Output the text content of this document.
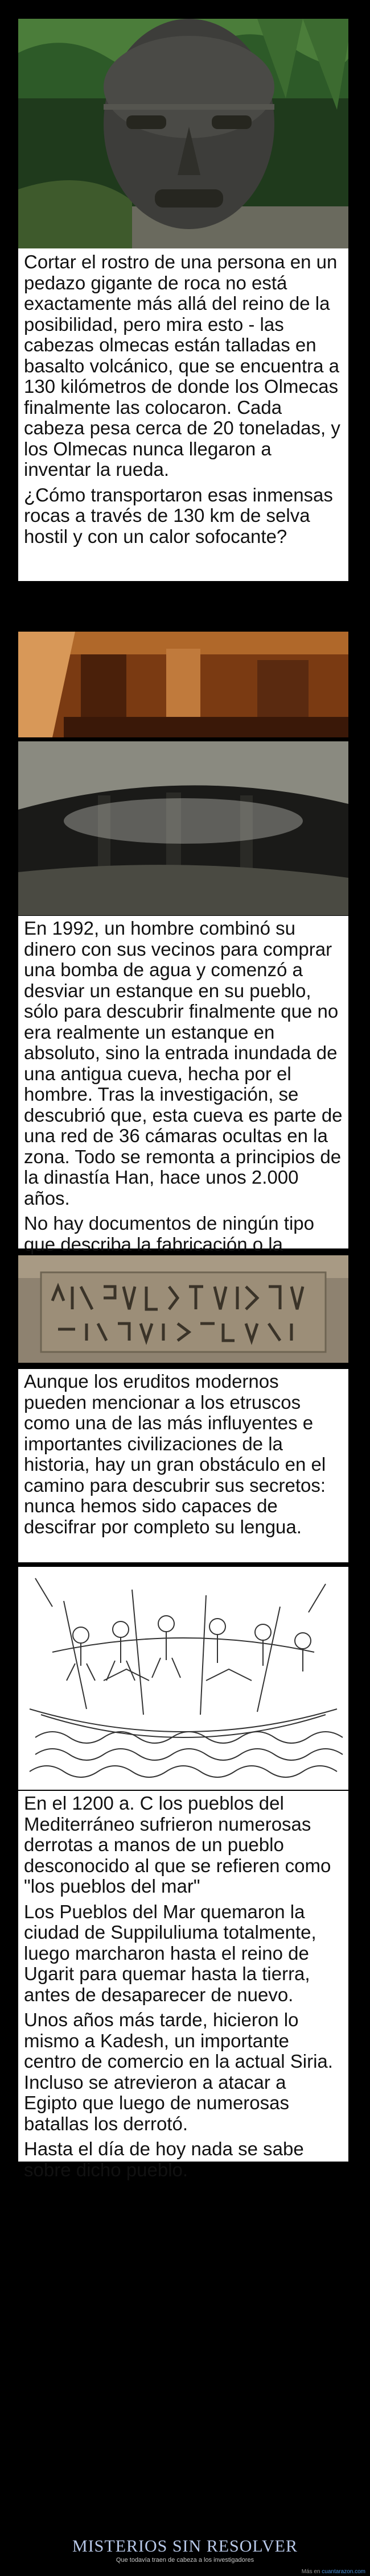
Cortar el rostro de una persona en un pedazo gigante de roca no está exactamente más allá del reino de la posibilidad, pero mira esto - las cabezas olmecas están talladas en basalto volcánico, que se encuentra a 130 kilómetros de donde los Olmecas finalmente las colocaron. Cada cabeza pesa cerca de 20 toneladas, y los Olmecas nunca llegaron a inventar la rueda.

¿Cómo transportaron esas inmensas rocas a través de 130 km de selva hostil y con un calor sofocante?

En 1992, un hombre combinó su dinero con sus vecinos para comprar una bomba de agua y comenzó a desviar un estanque en su pueblo, sólo para descubrir finalmente que no era realmente un estanque en absoluto, sino la entrada inundada de una antigua cueva, hecha por el hombre. Tras la investigación, se descubrió que, esta cueva es parte de una red de 36 cámaras ocultas en la zona. Todo se remonta a principios de la dinastía Han, hace unos 2.000 años.

No hay documentos de ningún tipo que describa la fabricación o la

Aunque los eruditos modernos pueden mencionar a los etruscos como una de las más influyentes e importantes civilizaciones de la historia, hay un gran obstáculo en el camino para descubrir sus secretos: nunca hemos sido capaces de descifrar por completo su lengua.

En el 1200 a. C los pueblos del Mediterráneo sufrieron numerosas derrotas a manos de un pueblo desconocido al que se refieren como "los pueblos del mar"

Los Pueblos del Mar quemaron la ciudad de Suppiluliuma totalmente, luego marcharon hasta el reino de Ugarit para quemar hasta la tierra, antes de desaparecer de nuevo.

Unos años más tarde, hicieron lo mismo a Kadesh, un importante centro de comercio en la actual Siria. Incluso se atrevieron a atacar a Egipto que luego de numerosas batallas los derrotó.

Hasta el día de hoy nada se sabe sobre dicho pueblo.

MISTERIOS SIN RESOLVER
Que todavía traen de cabeza a los investigadores
Más en cuantarazon.com
